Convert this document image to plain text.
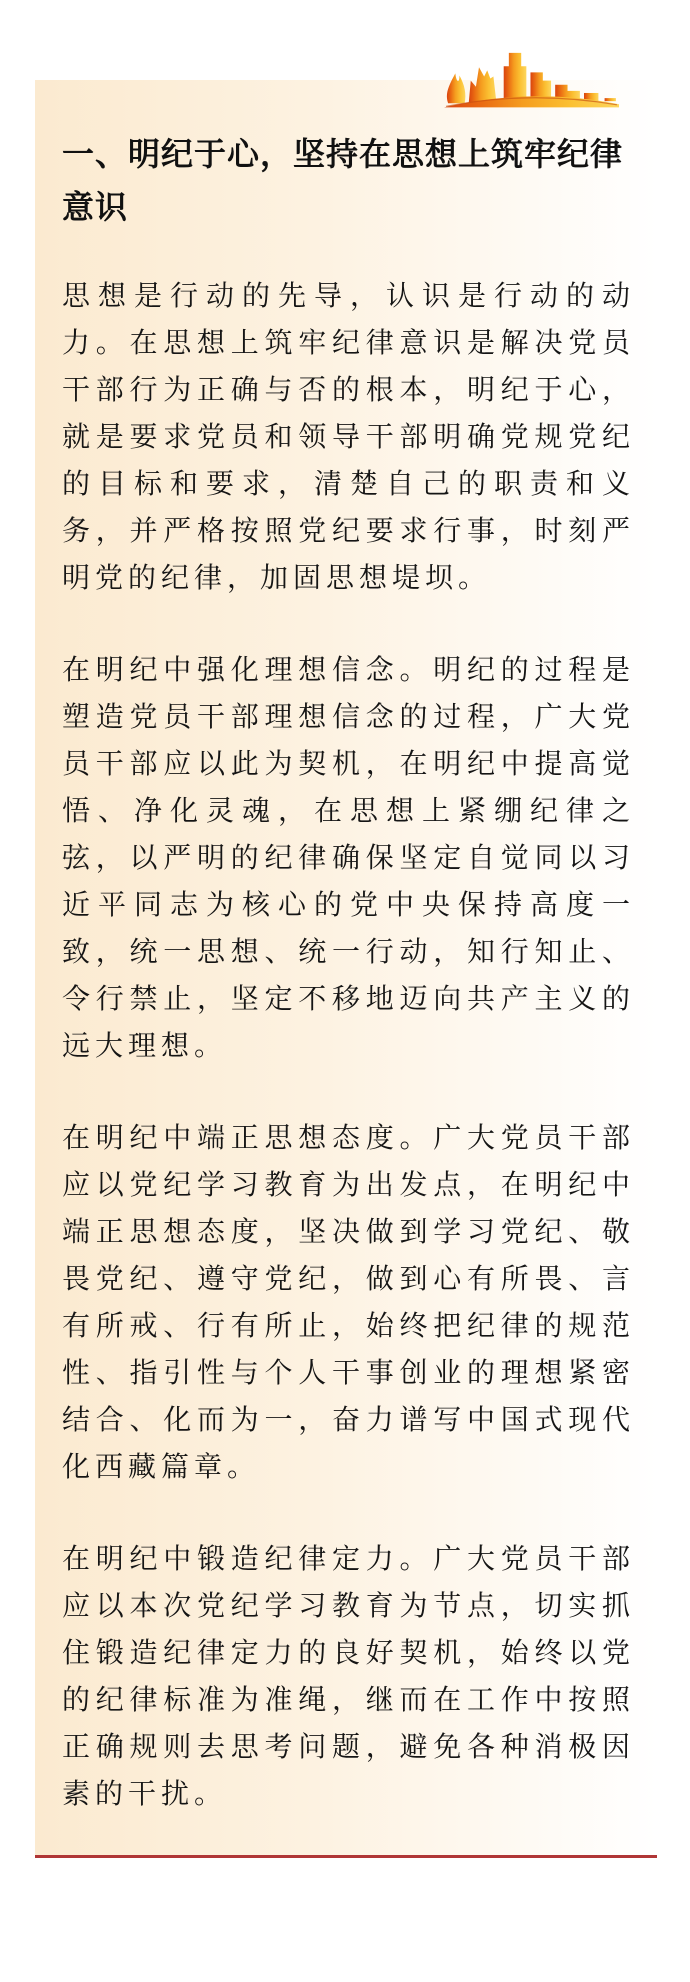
一、明纪于心，坚持在思想上筑牢纪律意识

思想是行动的先导，认识是行动的动力。在思想上筑牢纪律意识是解决党员干部行为正确与否的根本，明纪于心，就是要求党员和领导干部明确党规党纪的目标和要求，清楚自己的职责和义务，并严格按照党纪要求行事，时刻严明党的纪律，加固思想堤坝。

在明纪中强化理想信念。明纪的过程是塑造党员干部理想信念的过程，广大党员干部应以此为契机，在明纪中提高觉悟、净化灵魂，在思想上紧绷纪律之弦，以严明的纪律确保坚定自觉同以习近平同志为核心的党中央保持高度一致，统一思想、统一行动，知行知止、令行禁止，坚定不移地迈向共产主义的远大理想。

在明纪中端正思想态度。广大党员干部应以党纪学习教育为出发点，在明纪中端正思想态度，坚决做到学习党纪、敬畏党纪、遵守党纪，做到心有所畏、言有所戒、行有所止，始终把纪律的规范性、指引性与个人干事创业的理想紧密结合、化而为一，奋力谱写中国式现代化西藏篇章。

在明纪中锻造纪律定力。广大党员干部应以本次党纪学习教育为节点，切实抓住锻造纪律定力的良好契机，始终以党的纪律标准为准绳，继而在工作中按照正确规则去思考问题，避免各种消极因素的干扰。
